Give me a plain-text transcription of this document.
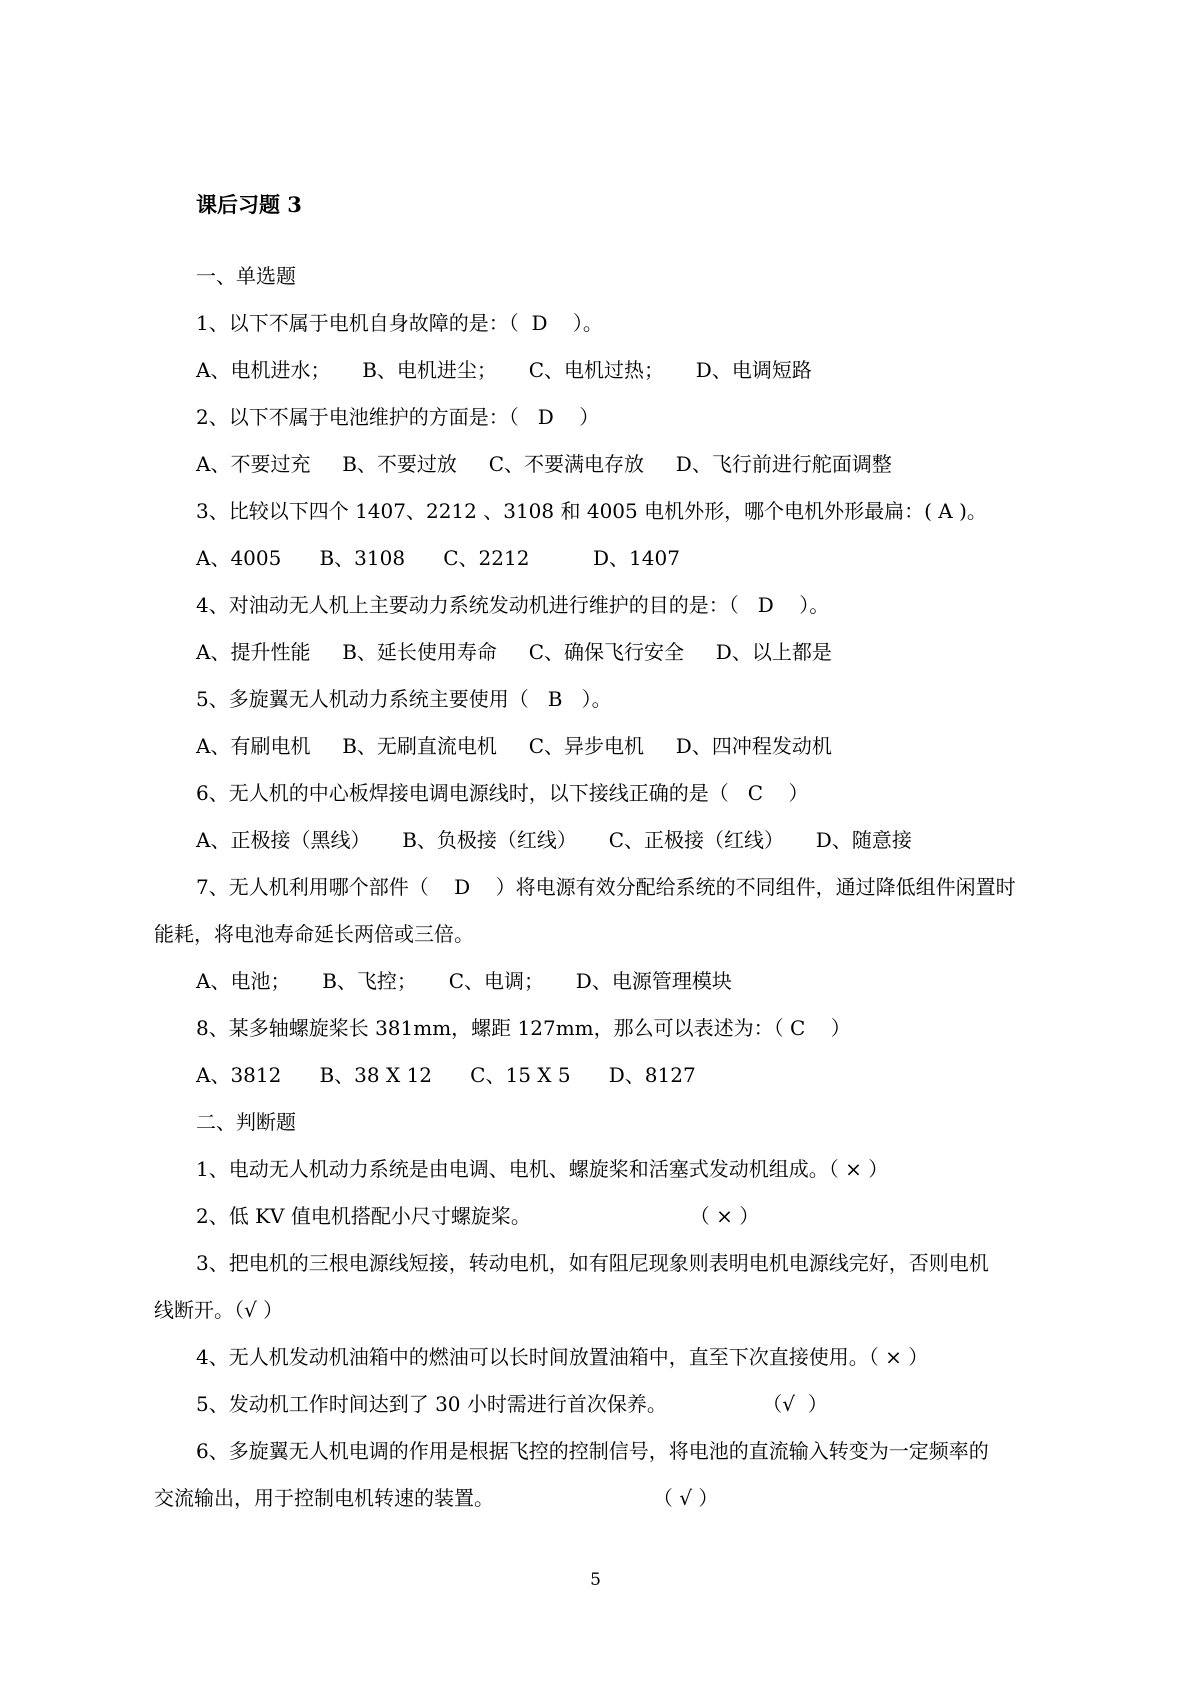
课后习题 3
一、单选题
1、以下不属于电机自身故障的是：（  D    ）。
A、电机进水；     B、电机进尘；     C、电机过热；     D、电调短路
2、以下不属于电池维护的方面是：（   D    ）
A、不要过充     B、不要过放     C、不要满电存放     D、飞行前进行舵面调整
3、比较以下四个 1407、2212 、3108 和 4005 电机外形，哪个电机外形最扁：( A )。
A、4005      B、3108      C、2212          D、1407
4、对油动无人机上主要动力系统发动机进行维护的目的是：（   D    ）。
A、提升性能     B、延长使用寿命     C、确保飞行安全     D、以上都是
5、多旋翼无人机动力系统主要使用（   B   ）。
A、有刷电机     B、无刷直流电机     C、异步电机     D、四冲程发动机
6、无人机的中心板焊接电调电源线时，以下接线正确的是（   C    ）
A、正极接（黑线）     B、负极接（红线）     C、正极接（红线）     D、随意接
7、无人机利用哪个部件（    D    ）将电源有效分配给系统的不同组件，通过降低组件闲置时
能耗，将电池寿命延长两倍或三倍。
A、电池；     B、飞控；     C、电调；     D、电源管理模块
8、某多轴螺旋桨长 381mm，螺距 127mm，那么可以表述为：（ C    ）
A、3812      B、38 X 12      C、15 X 5      D、8127
二、判断题
1、电动无人机动力系统是由电调、电机、螺旋桨和活塞式发动机组成。（ × ）
2、低 KV 值电机搭配小尺寸螺旋桨。                         （ × ）
3、把电机的三根电源线短接，转动电机，如有阻尼现象则表明电机电源线完好，否则电机
线断开。（√ ）
4、无人机发动机油箱中的燃油可以长时间放置油箱中，直至下次直接使用。（ × ）
5、发动机工作时间达到了 30 小时需进行首次保养。               （√  ）
6、多旋翼无人机电调的作用是根据飞控的控制信号，将电池的直流输入转变为一定频率的
交流输出，用于控制电机转速的装置。                         （ √ ）
5
